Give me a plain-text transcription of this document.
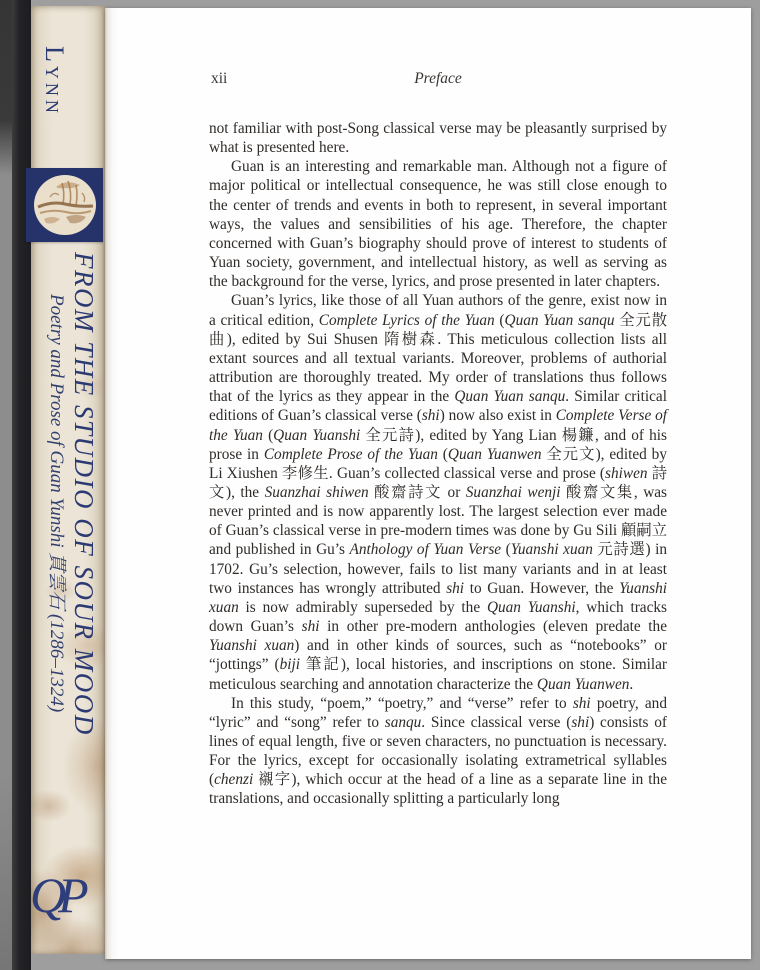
Lynn
FROM THE STUDIO OF SOUR MOOD
Poetry and Prose of Guan Yunshi 貫雲石 (1286–1324)
QP
xii	Preface

not familiar with post-Song classical verse may be pleasantly surprised by what is presented here.

Guan is an interesting and remarkable man. Although not a figure of major political or intellectual consequence, he was still close enough to the center of trends and events in both to represent, in several important ways, the values and sensibilities of his age. Therefore, the chapter concerned with Guan’s biography should prove of interest to students of Yuan society, government, and intellectual history, as well as serving as the background for the verse, lyrics, and prose presented in later chapters.

Guan’s lyrics, like those of all Yuan authors of the genre, exist now in a critical edition, Complete Lyrics of the Yuan (Quan Yuan sanqu 全元散曲), edited by Sui Shusen 隋樹森. This meticulous collection lists all extant sources and all textual variants. Moreover, problems of authorial attribution are thoroughly treated. My order of translations thus follows that of the lyrics as they appear in the Quan Yuan sanqu. Similar critical editions of Guan’s classical verse (shi) now also exist in Complete Verse of the Yuan (Quan Yuanshi 全元詩), edited by Yang Lian 楊鐮, and of his prose in Complete Prose of the Yuan (Quan Yuanwen 全元文), edited by Li Xiushen 李修生. Guan’s collected classical verse and prose (shiwen 詩文), the Suanzhai shiwen 酸齋詩文 or Suanzhai wenji 酸齋文集, was never printed and is now apparently lost. The largest selection ever made of Guan’s classical verse in pre-modern times was done by Gu Sili 顧嗣立 and published in Gu’s Anthology of Yuan Verse (Yuanshi xuan 元詩選) in 1702. Gu’s selection, however, fails to list many variants and in at least two instances has wrongly attributed shi to Guan. However, the Yuanshi xuan is now admirably superseded by the Quan Yuanshi, which tracks down Guan’s shi in other pre-modern anthologies (eleven predate the Yuanshi xuan) and in other kinds of sources, such as “notebooks” or “jottings” (biji 筆記), local histories, and inscriptions on stone. Similar meticulous searching and annotation characterize the Quan Yuanwen.

In this study, “poem,” “poetry,” and “verse” refer to shi poetry, and “lyric” and “song” refer to sanqu. Since classical verse (shi) consists of lines of equal length, five or seven characters, no punctuation is necessary. For the lyrics, except for occasionally isolating extrametrical syllables (chenzi 襯字), which occur at the head of a line as a separate line in the translations, and occasionally splitting a particularly long
